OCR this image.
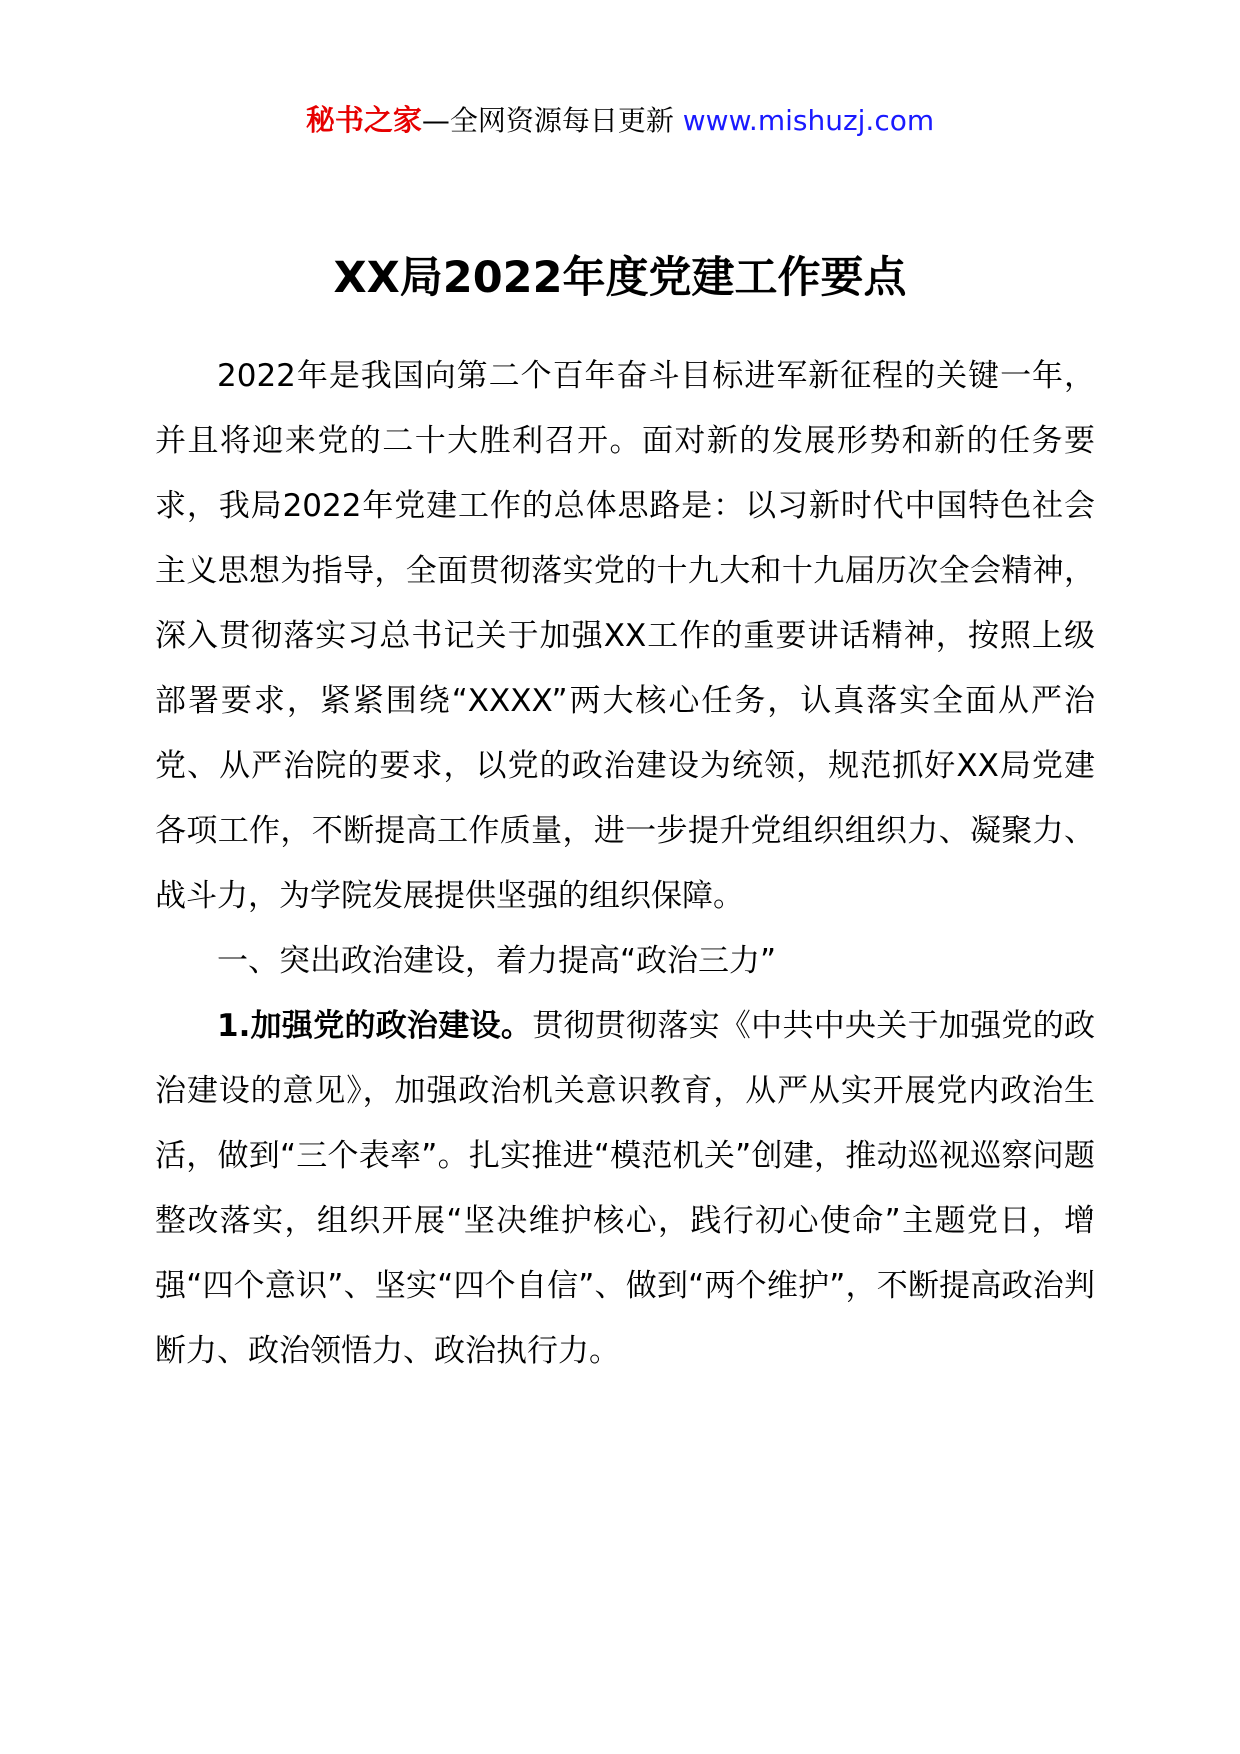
秘书之家—全网资源每日更新 www.mishuzj.com
XX局2022年度党建工作要点

2022年是我国向第二个百年奋斗目标进军新征程的关键一年，并且将迎来党的二十大胜利召开。面对新的发展形势和新的任务要求，我局2022年党建工作的总体思路是：以习新时代中国特色社会主义思想为指导，全面贯彻落实党的十九大和十九届历次全会精神，深入贯彻落实习总书记关于加强XX工作的重要讲话精神，按照上级部署要求，紧紧围绕“XXXX”两大核心任务，认真落实全面从严治党、从严治院的要求，以党的政治建设为统领，规范抓好XX局党建各项工作，不断提高工作质量，进一步提升党组织组织力、凝聚力、战斗力，为学院发展提供坚强的组织保障。

一、突出政治建设，着力提高“政治三力”

1.加强党的政治建设。贯彻贯彻落实《中共中央关于加强党的政治建设的意见》，加强政治机关意识教育，从严从实开展党内政治生活，做到“三个表率”。扎实推进“模范机关”创建，推动巡视巡察问题整改落实，组织开展“坚决维护核心，践行初心使命”主题党日，增强“四个意识”、坚实“四个自信”、做到“两个维护”，不断提高政治判断力、政治领悟力、政治执行力。
